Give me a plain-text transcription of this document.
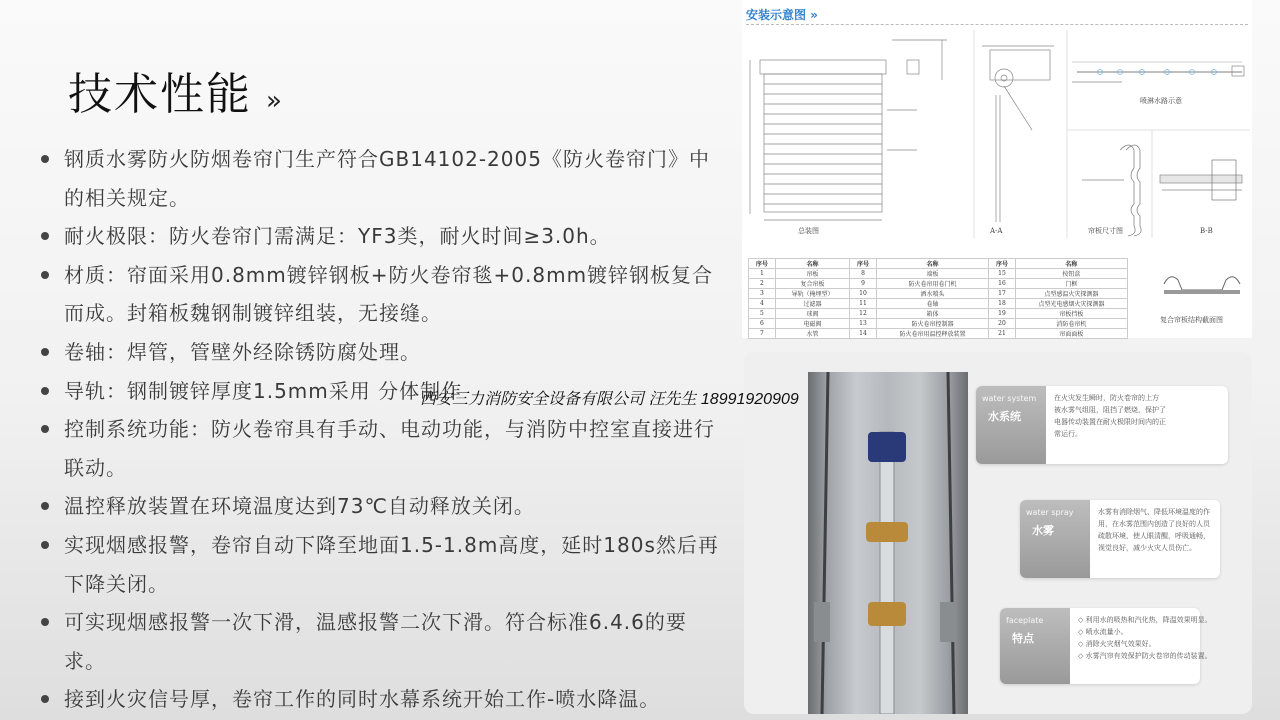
技术性能 »
钢质水雾防火防烟卷帘门生产符合GB14102-2005《防火卷帘门》中的相关规定。
耐火极限：防火卷帘门需满足：YF3类，耐火时间≥3.0h。
材质：帘面采用0.8mm镀锌钢板+防火卷帘毯+0.8mm镀锌钢板复合而成。封箱板魏钢制镀锌组装，无接缝。
卷轴：焊管，管壁外经除锈防腐处理。
导轨：钢制镀锌厚度1.5mm采用 分体制作
控制系统功能：防火卷帘具有手动、电动功能，与消防中控室直接进行联动。
温控释放装置在环境温度达到73℃自动释放关闭。
实现烟感报警，卷帘自动下降至地面1.5-1.8m高度，延时180s然后再下降关闭。
可实现烟感报警一次下滑，温感报警二次下滑。符合标准6.4.6的要求。
接到火灾信号厚，卷帘工作的同时水幕系统开始工作-喷水降温。
安装示意图 »
总装图	A-A
喷淋水路示意
帘板尺寸图	B-B
序号	名称	序号	名称	序号	名称
1	帘板	8	端板	15	按钮盒
2	复合帘板	9	防火卷帘用卷门机	16	门框
3	导轨（掩埋型）	10	洒水喷头	17	点型感温火灾探测器
4	过滤器	11	卷轴	18	点型光电感烟火灾探测器
5	球阀	12	箱体	19	帘板挡板
6	电磁阀	13	防火卷帘控制器	20	消防卷帘机
7	水管	14	防火卷帘用温控释放装置	21	帘面面板
复合帘板结构截面图
water system
水系统
在火灾发生瞬时，防火卷帘的上方
被水雾气组阻，阻挡了燃烧，保护了
电器传动装置在耐火极限时间内的正
常运行。
water spray
水雾
水雾有消除烟气、降低环境温度的作
用，在水雾范围内创造了良好的人员
疏散环境，使人眼清醒，呼吸通畅，
视觉良好，减少火灾人员伤亡。
faceplate
特点
◇ 利用水的吸热和汽化热，降温效果明显。
◇ 喷水流量小。
◇ 消除火灾烟气效果好。
◇ 水雾汽帘有效保护防火卷帘的传动装置。
西安三力消防安全设备有限公司 汪先生 18991920909
